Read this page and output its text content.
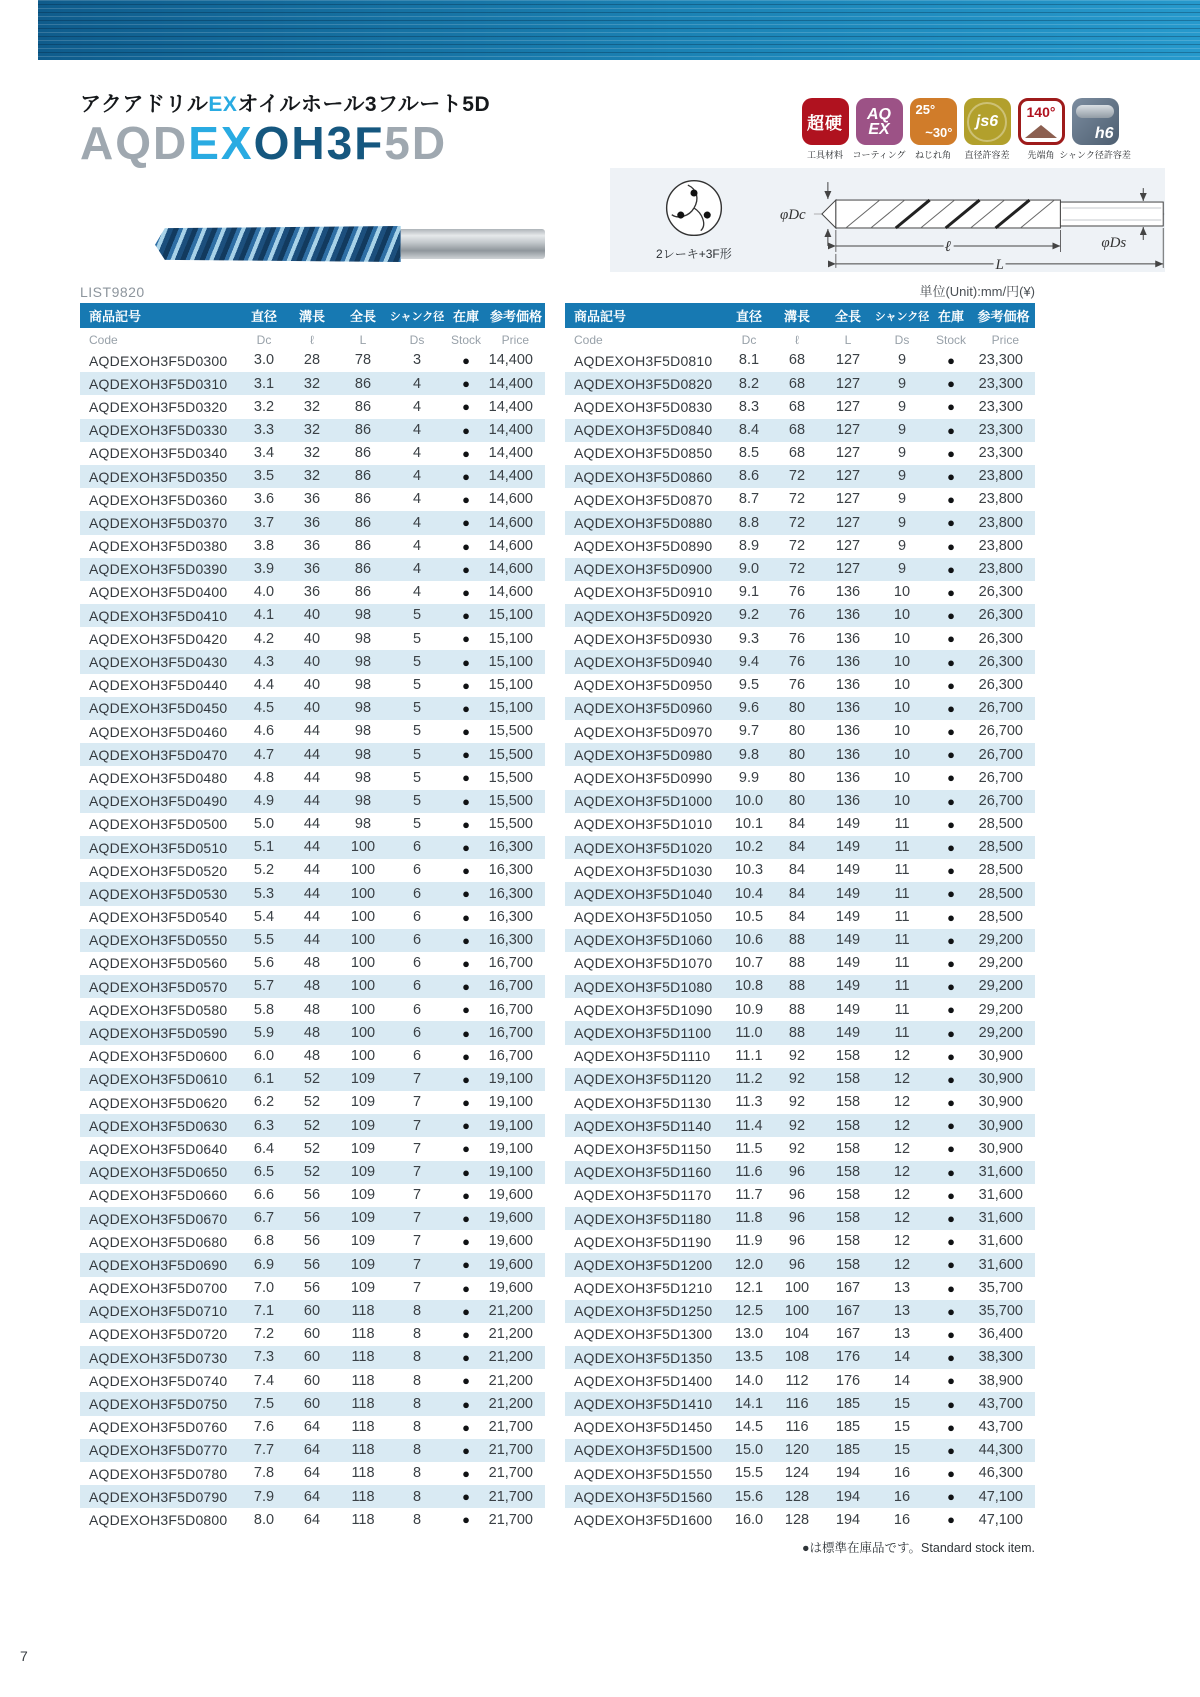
アクアドリルEXオイルホール3フルート5D
AQDEXOH3F5D	超硬
工具材料
AQ
EX
コーティング
25°
~30°
ねじれ角
js6
直径許容差
140°
先端角
h6
シャンク径許容差
2レーキ+3F形
φDc
ℓ
L
φDs
LIST9820	単位(Unit):mm/円(¥)
商品記号	直径	溝長	全長	シャンク径	在庫	参考価格
Code	Dc	ℓ	L	Ds	Stock	Price
AQDEXOH3F5D0300	3.0	28	78	3	●	14,400
AQDEXOH3F5D0310	3.1	32	86	4	●	14,400
AQDEXOH3F5D0320	3.2	32	86	4	●	14,400
AQDEXOH3F5D0330	3.3	32	86	4	●	14,400
AQDEXOH3F5D0340	3.4	32	86	4	●	14,400
AQDEXOH3F5D0350	3.5	32	86	4	●	14,400
AQDEXOH3F5D0360	3.6	36	86	4	●	14,600
AQDEXOH3F5D0370	3.7	36	86	4	●	14,600
AQDEXOH3F5D0380	3.8	36	86	4	●	14,600
AQDEXOH3F5D0390	3.9	36	86	4	●	14,600
AQDEXOH3F5D0400	4.0	36	86	4	●	14,600
AQDEXOH3F5D0410	4.1	40	98	5	●	15,100
AQDEXOH3F5D0420	4.2	40	98	5	●	15,100
AQDEXOH3F5D0430	4.3	40	98	5	●	15,100
AQDEXOH3F5D0440	4.4	40	98	5	●	15,100
AQDEXOH3F5D0450	4.5	40	98	5	●	15,100
AQDEXOH3F5D0460	4.6	44	98	5	●	15,500
AQDEXOH3F5D0470	4.7	44	98	5	●	15,500
AQDEXOH3F5D0480	4.8	44	98	5	●	15,500
AQDEXOH3F5D0490	4.9	44	98	5	●	15,500
AQDEXOH3F5D0500	5.0	44	98	5	●	15,500
AQDEXOH3F5D0510	5.1	44	100	6	●	16,300
AQDEXOH3F5D0520	5.2	44	100	6	●	16,300
AQDEXOH3F5D0530	5.3	44	100	6	●	16,300
AQDEXOH3F5D0540	5.4	44	100	6	●	16,300
AQDEXOH3F5D0550	5.5	44	100	6	●	16,300
AQDEXOH3F5D0560	5.6	48	100	6	●	16,700
AQDEXOH3F5D0570	5.7	48	100	6	●	16,700
AQDEXOH3F5D0580	5.8	48	100	6	●	16,700
AQDEXOH3F5D0590	5.9	48	100	6	●	16,700
AQDEXOH3F5D0600	6.0	48	100	6	●	16,700
AQDEXOH3F5D0610	6.1	52	109	7	●	19,100
AQDEXOH3F5D0620	6.2	52	109	7	●	19,100
AQDEXOH3F5D0630	6.3	52	109	7	●	19,100
AQDEXOH3F5D0640	6.4	52	109	7	●	19,100
AQDEXOH3F5D0650	6.5	52	109	7	●	19,100
AQDEXOH3F5D0660	6.6	56	109	7	●	19,600
AQDEXOH3F5D0670	6.7	56	109	7	●	19,600
AQDEXOH3F5D0680	6.8	56	109	7	●	19,600
AQDEXOH3F5D0690	6.9	56	109	7	●	19,600
AQDEXOH3F5D0700	7.0	56	109	7	●	19,600
AQDEXOH3F5D0710	7.1	60	118	8	●	21,200
AQDEXOH3F5D0720	7.2	60	118	8	●	21,200
AQDEXOH3F5D0730	7.3	60	118	8	●	21,200
AQDEXOH3F5D0740	7.4	60	118	8	●	21,200
AQDEXOH3F5D0750	7.5	60	118	8	●	21,200
AQDEXOH3F5D0760	7.6	64	118	8	●	21,700
AQDEXOH3F5D0770	7.7	64	118	8	●	21,700
AQDEXOH3F5D0780	7.8	64	118	8	●	21,700
AQDEXOH3F5D0790	7.9	64	118	8	●	21,700
AQDEXOH3F5D0800	8.0	64	118	8	●	21,700
商品記号	直径	溝長	全長	シャンク径	在庫	参考価格
Code	Dc	ℓ	L	Ds	Stock	Price
AQDEXOH3F5D0810	8.1	68	127	9	●	23,300
AQDEXOH3F5D0820	8.2	68	127	9	●	23,300
AQDEXOH3F5D0830	8.3	68	127	9	●	23,300
AQDEXOH3F5D0840	8.4	68	127	9	●	23,300
AQDEXOH3F5D0850	8.5	68	127	9	●	23,300
AQDEXOH3F5D0860	8.6	72	127	9	●	23,800
AQDEXOH3F5D0870	8.7	72	127	9	●	23,800
AQDEXOH3F5D0880	8.8	72	127	9	●	23,800
AQDEXOH3F5D0890	8.9	72	127	9	●	23,800
AQDEXOH3F5D0900	9.0	72	127	9	●	23,800
AQDEXOH3F5D0910	9.1	76	136	10	●	26,300
AQDEXOH3F5D0920	9.2	76	136	10	●	26,300
AQDEXOH3F5D0930	9.3	76	136	10	●	26,300
AQDEXOH3F5D0940	9.4	76	136	10	●	26,300
AQDEXOH3F5D0950	9.5	76	136	10	●	26,300
AQDEXOH3F5D0960	9.6	80	136	10	●	26,700
AQDEXOH3F5D0970	9.7	80	136	10	●	26,700
AQDEXOH3F5D0980	9.8	80	136	10	●	26,700
AQDEXOH3F5D0990	9.9	80	136	10	●	26,700
AQDEXOH3F5D1000	10.0	80	136	10	●	26,700
AQDEXOH3F5D1010	10.1	84	149	11	●	28,500
AQDEXOH3F5D1020	10.2	84	149	11	●	28,500
AQDEXOH3F5D1030	10.3	84	149	11	●	28,500
AQDEXOH3F5D1040	10.4	84	149	11	●	28,500
AQDEXOH3F5D1050	10.5	84	149	11	●	28,500
AQDEXOH3F5D1060	10.6	88	149	11	●	29,200
AQDEXOH3F5D1070	10.7	88	149	11	●	29,200
AQDEXOH3F5D1080	10.8	88	149	11	●	29,200
AQDEXOH3F5D1090	10.9	88	149	11	●	29,200
AQDEXOH3F5D1100	11.0	88	149	11	●	29,200
AQDEXOH3F5D1110	11.1	92	158	12	●	30,900
AQDEXOH3F5D1120	11.2	92	158	12	●	30,900
AQDEXOH3F5D1130	11.3	92	158	12	●	30,900
AQDEXOH3F5D1140	11.4	92	158	12	●	30,900
AQDEXOH3F5D1150	11.5	92	158	12	●	30,900
AQDEXOH3F5D1160	11.6	96	158	12	●	31,600
AQDEXOH3F5D1170	11.7	96	158	12	●	31,600
AQDEXOH3F5D1180	11.8	96	158	12	●	31,600
AQDEXOH3F5D1190	11.9	96	158	12	●	31,600
AQDEXOH3F5D1200	12.0	96	158	12	●	31,600
AQDEXOH3F5D1210	12.1	100	167	13	●	35,700
AQDEXOH3F5D1250	12.5	100	167	13	●	35,700
AQDEXOH3F5D1300	13.0	104	167	13	●	36,400
AQDEXOH3F5D1350	13.5	108	176	14	●	38,300
AQDEXOH3F5D1400	14.0	112	176	14	●	38,900
AQDEXOH3F5D1410	14.1	116	185	15	●	43,700
AQDEXOH3F5D1450	14.5	116	185	15	●	43,700
AQDEXOH3F5D1500	15.0	120	185	15	●	44,300
AQDEXOH3F5D1550	15.5	124	194	16	●	46,300
AQDEXOH3F5D1560	15.6	128	194	16	●	47,100
AQDEXOH3F5D1600	16.0	128	194	16	●	47,100
●は標準在庫品です。Standard stock item.
7
